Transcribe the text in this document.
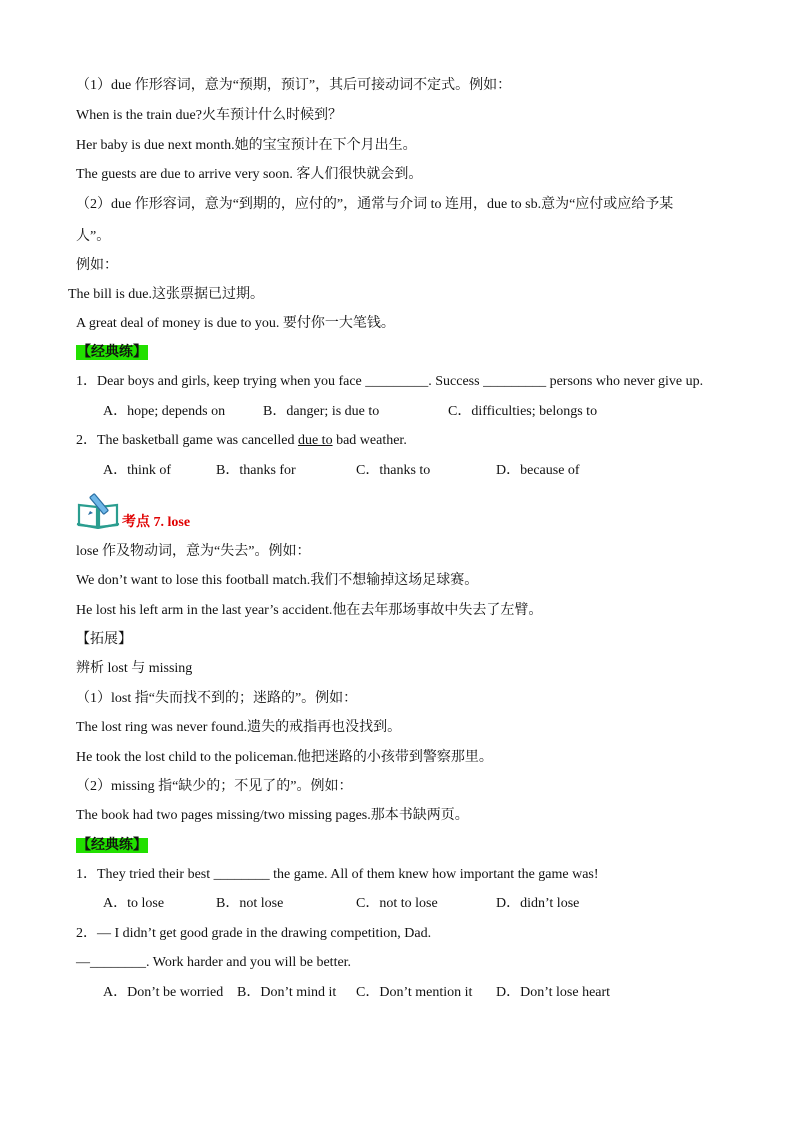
（1）due 作形容词，意为“预期，预订”，其后可接动词不定式。例如：
When is the train due?火车预计什么时候到？
Her baby is due next month.她的宝宝预计在下个月出生。
The guests are due to arrive very soon. 客人们很快就会到。
（2）due 作形容词，意为“到期的，应付的”，通常与介词 to 连用，due to sb.意为“应付或应给予某
人”。
例如：
The bill is due.这张票据已过期。
A great deal of money is due to you. 要付你一大笔钱。
【经典练】
1．Dear boys and girls, keep trying when you face _________. Success _________ persons who never give up.
A．hope; depends on	B．danger; is due to	C．difficulties; belongs to
2．The basketball game was cancelled due to bad weather.
A．think of	B．thanks for	C．thanks to	D．because of
考点 7. lose
lose 作及物动词，意为“失去”。例如：
We don’t want to lose this football match.我们不想输掉这场足球赛。
He lost his left arm in the last year’s accident.他在去年那场事故中失去了左臂。
【拓展】
辨析 lost 与 missing
（1）lost 指“失而找不到的；迷路的”。例如：
The lost ring was never found.遗失的戒指再也没找到。
He took the lost child to the policeman.他把迷路的小孩带到警察那里。
（2）missing 指“缺少的；不见了的”。例如：
The book had two pages missing/two missing pages.那本书缺两页。
【经典练】
1．They tried their best ________ the game. All of them knew how important the game was!
A．to lose	B．not lose	C．not to lose	D．didn’t lose
2．— I didn’t get good grade in the drawing competition, Dad.
—________. Work harder and you will be better.
A．Don’t be worried B．Don’t mind it C．Don’t mention it D．Don’t lose heart
